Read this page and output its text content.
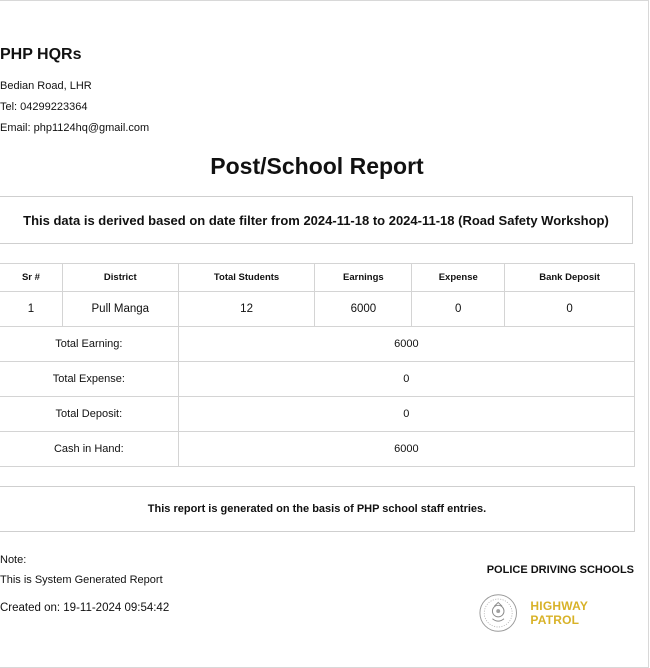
PHP HQRs
Bedian Road, LHR
Tel: 04299223364
Email: php1124hq@gmail.com
Post/School Report
This data is derived based on date filter from 2024-11-18 to 2024-11-18 (Road Safety Workshop)
Sr #	District	Total Students	Earnings	Expense	Bank Deposit
1	Pull Manga	12	6000	0	0
Total Earning:		6000			
Total Expense:		0			
Total Deposit:		0			
Cash in Hand:		6000			
This report is generated on the basis of PHP school staff entries.
Note:
This is System Generated Report
Created on: 19-11-2024 09:54:42
POLICE DRIVING SCHOOLS
HIGHWAY PATROL
